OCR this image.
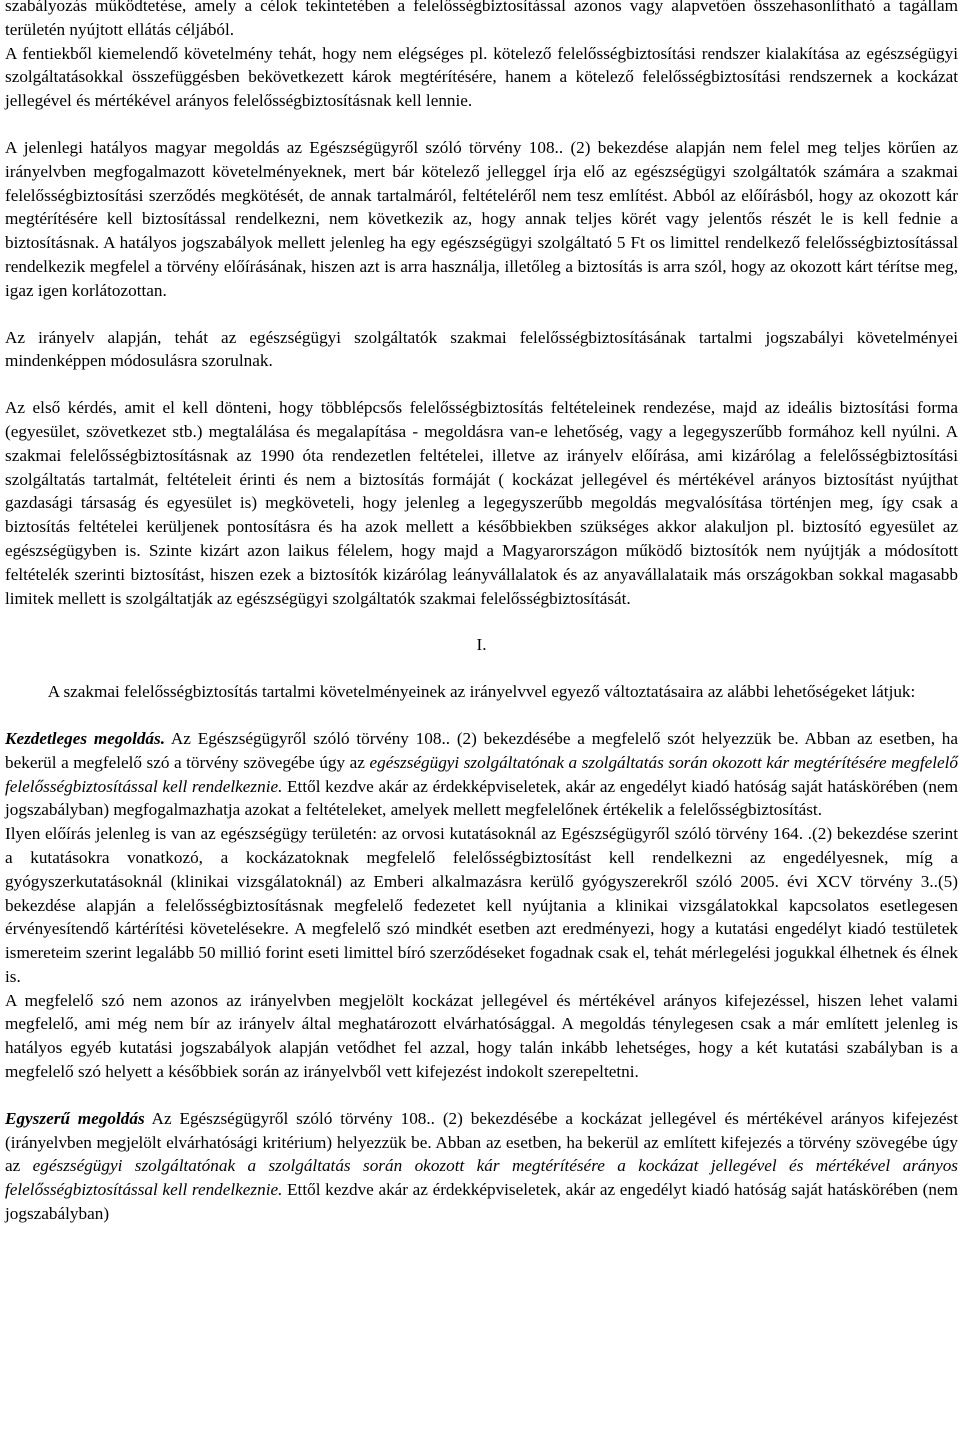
szabályozás működtetése, amely a célok tekintetében a felelősségbiztosítással azonos vagy alapvetően összehasonlítható a tagállam területén nyújtott ellátás céljából.
A fentiekből kiemelendő követelmény tehát, hogy nem elégséges pl. kötelező felelősségbiztosítási rendszer kialakítása az egészségügyi szolgáltatásokkal összefüggésben bekövetkezett károk megtérítésére, hanem a kötelező felelősségbiztosítási rendszernek a kockázat jellegével és mértékével arányos felelősségbiztosításnak kell lennie.

A jelenlegi hatályos magyar megoldás az Egészségügyről szóló törvény 108.. (2) bekezdése alapján nem felel meg teljes körűen az irányelvben megfogalmazott követelményeknek, mert bár kötelező jelleggel írja elő az egészségügyi szolgáltatók számára a szakmai felelősségbiztosítási szerződés megkötését, de annak tartalmáról, feltételéről nem tesz említést. Abból az előírásból, hogy az okozott kár megtérítésére kell biztosítással rendelkezni, nem következik az, hogy annak teljes körét vagy jelentős részét le is kell fednie a biztosításnak. A hatályos jogszabályok mellett jelenleg ha egy egészségügyi szolgáltató 5 Ft os limittel rendelkező felelősségbiztosítással rendelkezik megfelel a törvény előírásának, hiszen azt is arra használja, illetőleg a biztosítás is arra szól, hogy az okozott kárt térítse meg, igaz igen korlátozottan.

Az irányelv alapján, tehát az egészségügyi szolgáltatók szakmai felelősségbiztosításának tartalmi jogszabályi követelményei mindenképpen módosulásra szorulnak.

Az első kérdés, amit el kell dönteni, hogy többlépcsős felelősségbiztosítás feltételeinek rendezése, majd az ideális biztosítási forma (egyesület, szövetkezet stb.) megtalálása és megalapítása - megoldásra van-e lehetőség, vagy a legegyszerűbb formához kell nyúlni. A szakmai felelősségbiztosításnak az 1990 óta rendezetlen feltételei, illetve az irányelv előírása, ami kizárólag a felelősségbiztosítási szolgáltatás tartalmát, feltételeit érinti és nem a biztosítás formáját ( kockázat jellegével és mértékével arányos biztosítást nyújthat gazdasági társaság és egyesület is) megköveteli, hogy jelenleg a legegyszerűbb megoldás megvalósítása történjen meg, így csak a biztosítás feltételei kerüljenek pontosításra és ha azok mellett a későbbiekben szükséges akkor alakuljon pl. biztosító egyesület az egészségügyben is. Szinte kizárt azon laikus félelem, hogy majd a Magyarországon működő biztosítók nem nyújtják a módosított feltételék szerinti biztosítást, hiszen ezek a biztosítók kizárólag leányvállalatok és az anyavállalataik más országokban sokkal magasabb limitek mellett is szolgáltatják az egészségügyi szolgáltatók szakmai felelősségbiztosítását.

I.

A szakmai felelősségbiztosítás tartalmi követelményeinek az irányelvvel egyező változtatásaira az alábbi lehetőségeket látjuk:

Kezdetleges megoldás. Az Egészségügyről szóló törvény 108.. (2) bekezdésébe a megfelelő szót helyezzük be. Abban az esetben, ha bekerül a megfelelő szó a törvény szövegébe úgy az egészségügyi szolgáltatónak a szolgáltatás során okozott kár megtérítésére megfelelő felelősségbiztosítással kell rendelkeznie. Ettől kezdve akár az érdekképviseletek, akár az engedélyt kiadó hatóság saját hatáskörében (nem jogszabályban) megfogalmazhatja azokat a feltételeket, amelyek mellett megfelelőnek értékelik a felelősségbiztosítást.

Ilyen előírás jelenleg is van az egészségügy területén: az orvosi kutatásoknál az Egészségügyről szóló törvény 164. .(2) bekezdése szerint a kutatásokra vonatkozó, a kockázatoknak megfelelő felelősségbiztosítást kell rendelkezni az engedélyesnek, míg a gyógyszerkutatásoknál (klinikai vizsgálatoknál) az Emberi alkalmazásra kerülő gyógyszerekről szóló 2005. évi XCV törvény 3..(5) bekezdése alapján a felelősségbiztosításnak megfelelő fedezetet kell nyújtania a klinikai vizsgálatokkal kapcsolatos esetlegesen érvényesítendő kártérítési követelésekre. A megfelelő szó mindkét esetben azt eredményezi, hogy a kutatási engedélyt kiadó testületek ismereteim szerint legalább 50 millió forint eseti limittel bíró szerződéseket fogadnak csak el, tehát mérlegelési jogukkal élhetnek és élnek is.

A megfelelő szó nem azonos az irányelvben megjelölt kockázat jellegével és mértékével arányos kifejezéssel, hiszen lehet valami megfelelő, ami még nem bír az irányelv által meghatározott elvárhatósággal. A megoldás ténylegesen csak a már említett jelenleg is hatályos egyéb kutatási jogszabályok alapján vetődhet fel azzal, hogy talán inkább lehetséges, hogy a két kutatási szabályban is a megfelelő szó helyett a későbbiek során az irányelvből vett kifejezést indokolt szerepeltetni.

Egyszerű megoldás Az Egészségügyről szóló törvény 108.. (2) bekezdésébe a kockázat jellegével és mértékével arányos kifejezést (irányelvben megjelölt elvárhatósági kritérium) helyezzük be. Abban az esetben, ha bekerül az említett kifejezés a törvény szövegébe úgy az egészségügyi szolgáltatónak a szolgáltatás során okozott kár megtérítésére a kockázat jellegével és mértékével arányos felelősségbiztosítással kell rendelkeznie. Ettől kezdve akár az érdekképviseletek, akár az engedélyt kiadó hatóság saját hatáskörében (nem jogszabályban)
